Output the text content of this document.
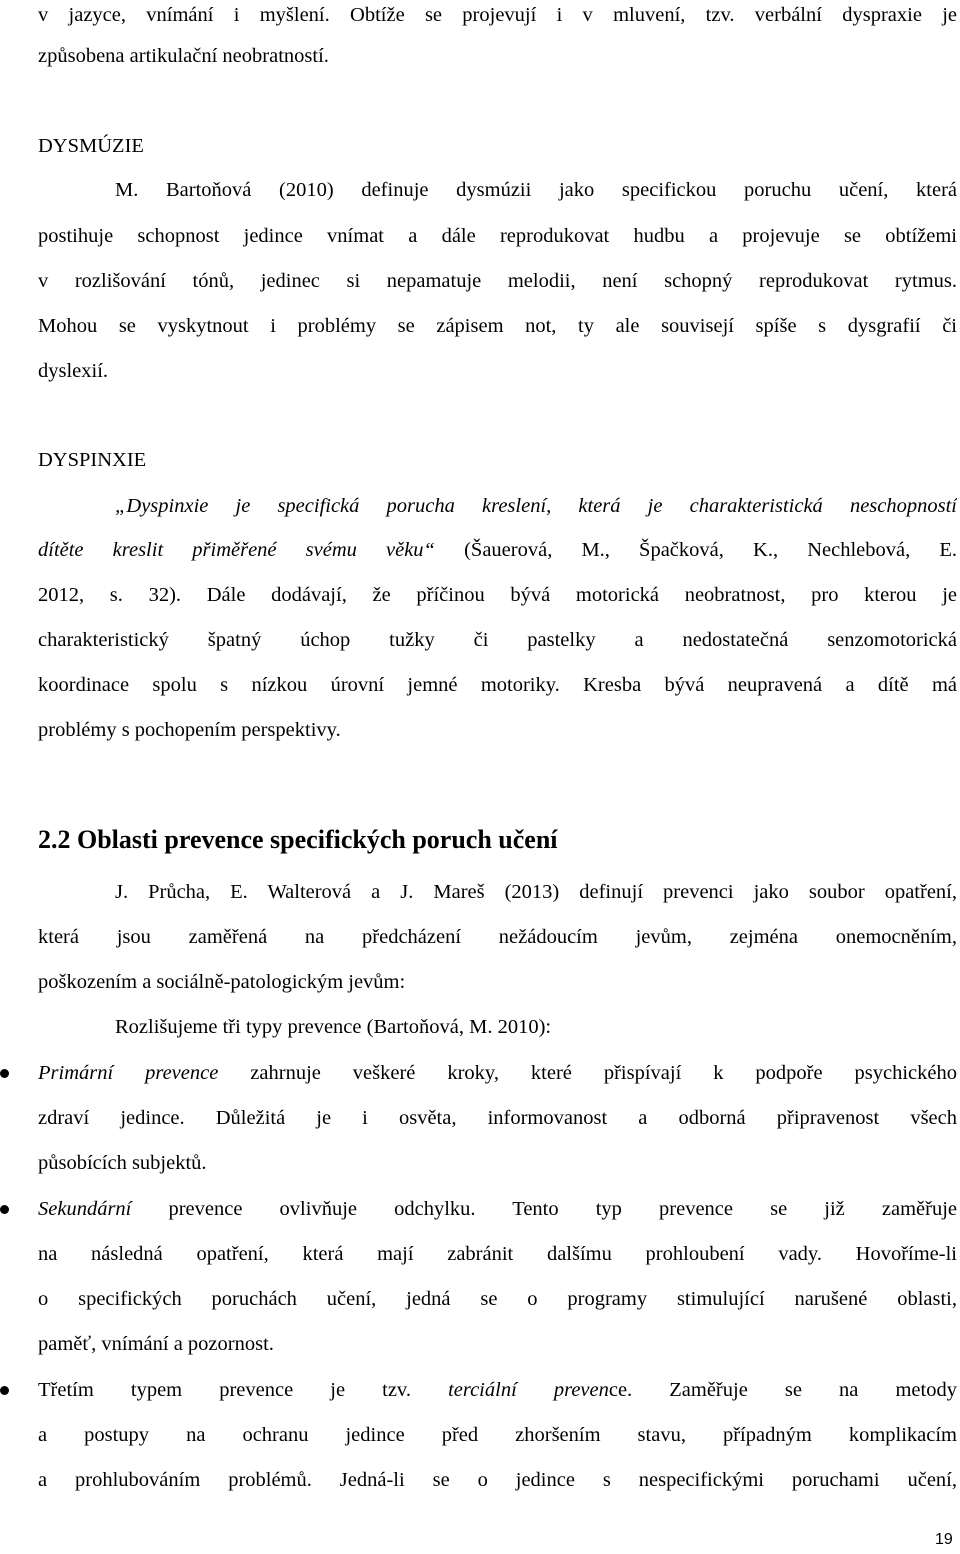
v jazyce, vnímání i myšlení. Obtíže se projevují i v mluvení, tzv. verbální dyspraxie je
způsobena artikulační neobratností.
DYSMÚZIE
M. Bartoňová (2010) definuje dysmúzii jako specifickou poruchu učení, která
postihuje schopnost jedince vnímat a dále reprodukovat hudbu a projevuje se obtížemi
v rozlišování tónů, jedinec si nepamatuje melodii, není schopný reprodukovat rytmus.
Mohou se vyskytnout i problémy se zápisem not, ty ale souvisejí spíše s dysgrafií či
dyslexií.
DYSPINXIE
„Dyspinxie je specifická porucha kreslení, která je charakteristická neschopností
dítěte kreslit přiměřené svému věku“ (Šauerová, M., Špačková, K., Nechlebová, E.
2012, s. 32). Dále dodávají, že příčinou bývá motorická neobratnost, pro kterou je
charakteristický špatný úchop tužky či pastelky a nedostatečná senzomotorická
koordinace spolu s nízkou úrovní jemné motoriky. Kresba bývá neupravená a dítě má
problémy s pochopením perspektivy.
2.2 Oblasti prevence specifických poruch učení
J. Průcha, E. Walterová a J. Mareš (2013) definují prevenci jako soubor opatření,
která jsou zaměřená na předcházení nežádoucím jevům, zejména onemocněním,
poškozením a sociálně-patologickým jevům:
Rozlišujeme tři typy prevence (Bartoňová, M. 2010):
Primární prevence zahrnuje veškeré kroky, které přispívají k podpoře psychického
zdraví jedince. Důležitá je i osvěta, informovanost a odborná připravenost všech
působících subjektů.
Sekundární prevence ovlivňuje odchylku. Tento typ prevence se již zaměřuje
na následná opatření, která mají zabránit dalšímu prohloubení vady. Hovoříme-li
o specifických poruchách učení, jedná se o programy stimulující narušené oblasti,
paměť, vnímání a pozornost.
Třetím typem prevence je tzv. terciální prevence. Zaměřuje se na metody
a postupy na ochranu jedince před zhoršením stavu, případným komplikacím
a prohlubováním problémů. Jedná-li se o jedince s nespecifickými poruchami učení,
19
